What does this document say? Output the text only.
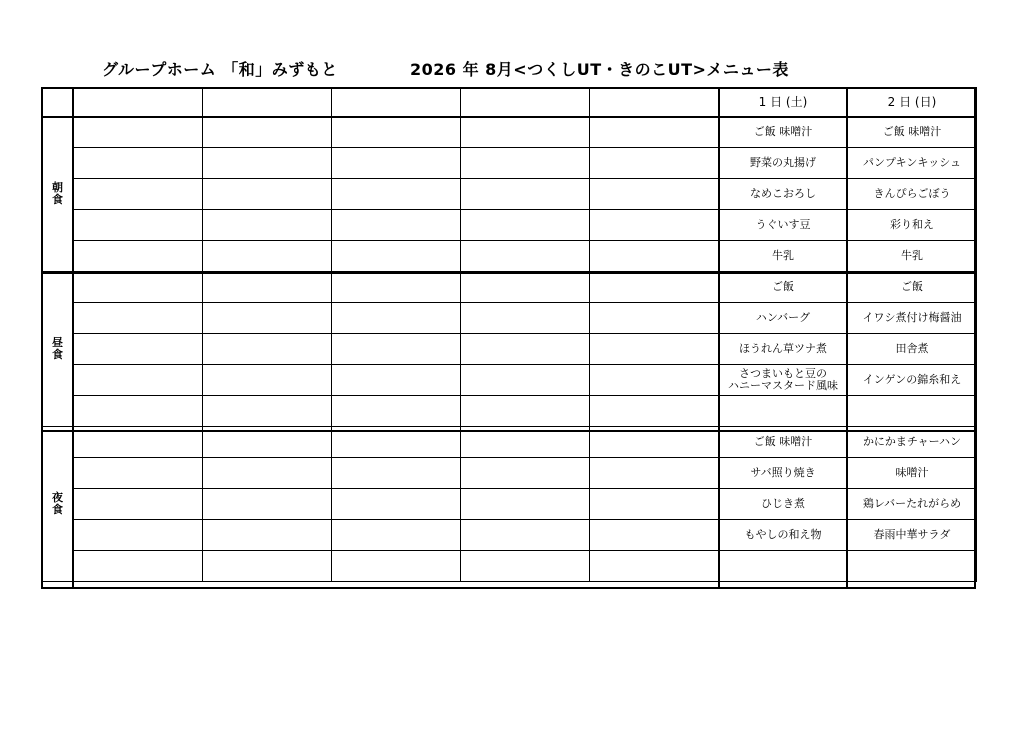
グループホーム 「和」みずもと	2026 年 8月<つくしUT・きのこUT>メニュー表
						1 日 (土)	2 日 (日)

朝
食						ご飯 味噌汁	ご飯 味噌汁
						野菜の丸揚げ	パンプキンキッシュ
						なめこおろし	きんぴらごぼう
						うぐいす豆	彩り和え
						牛乳	牛乳

昼
食						ご飯	ご飯
						ハンバーグ	イワシ煮付け梅醤油
						ほうれん草ツナ煮	田舎煮

						さつまいもと豆の
ハニーマスタード風味	インゲンの錦糸和え

夜
食						ご飯 味噌汁	かにかまチャーハン
						サバ照り焼き	味噌汁
						ひじき煮	鶏レバーたれがらめ
						もやしの和え物	春雨中華サラダ
